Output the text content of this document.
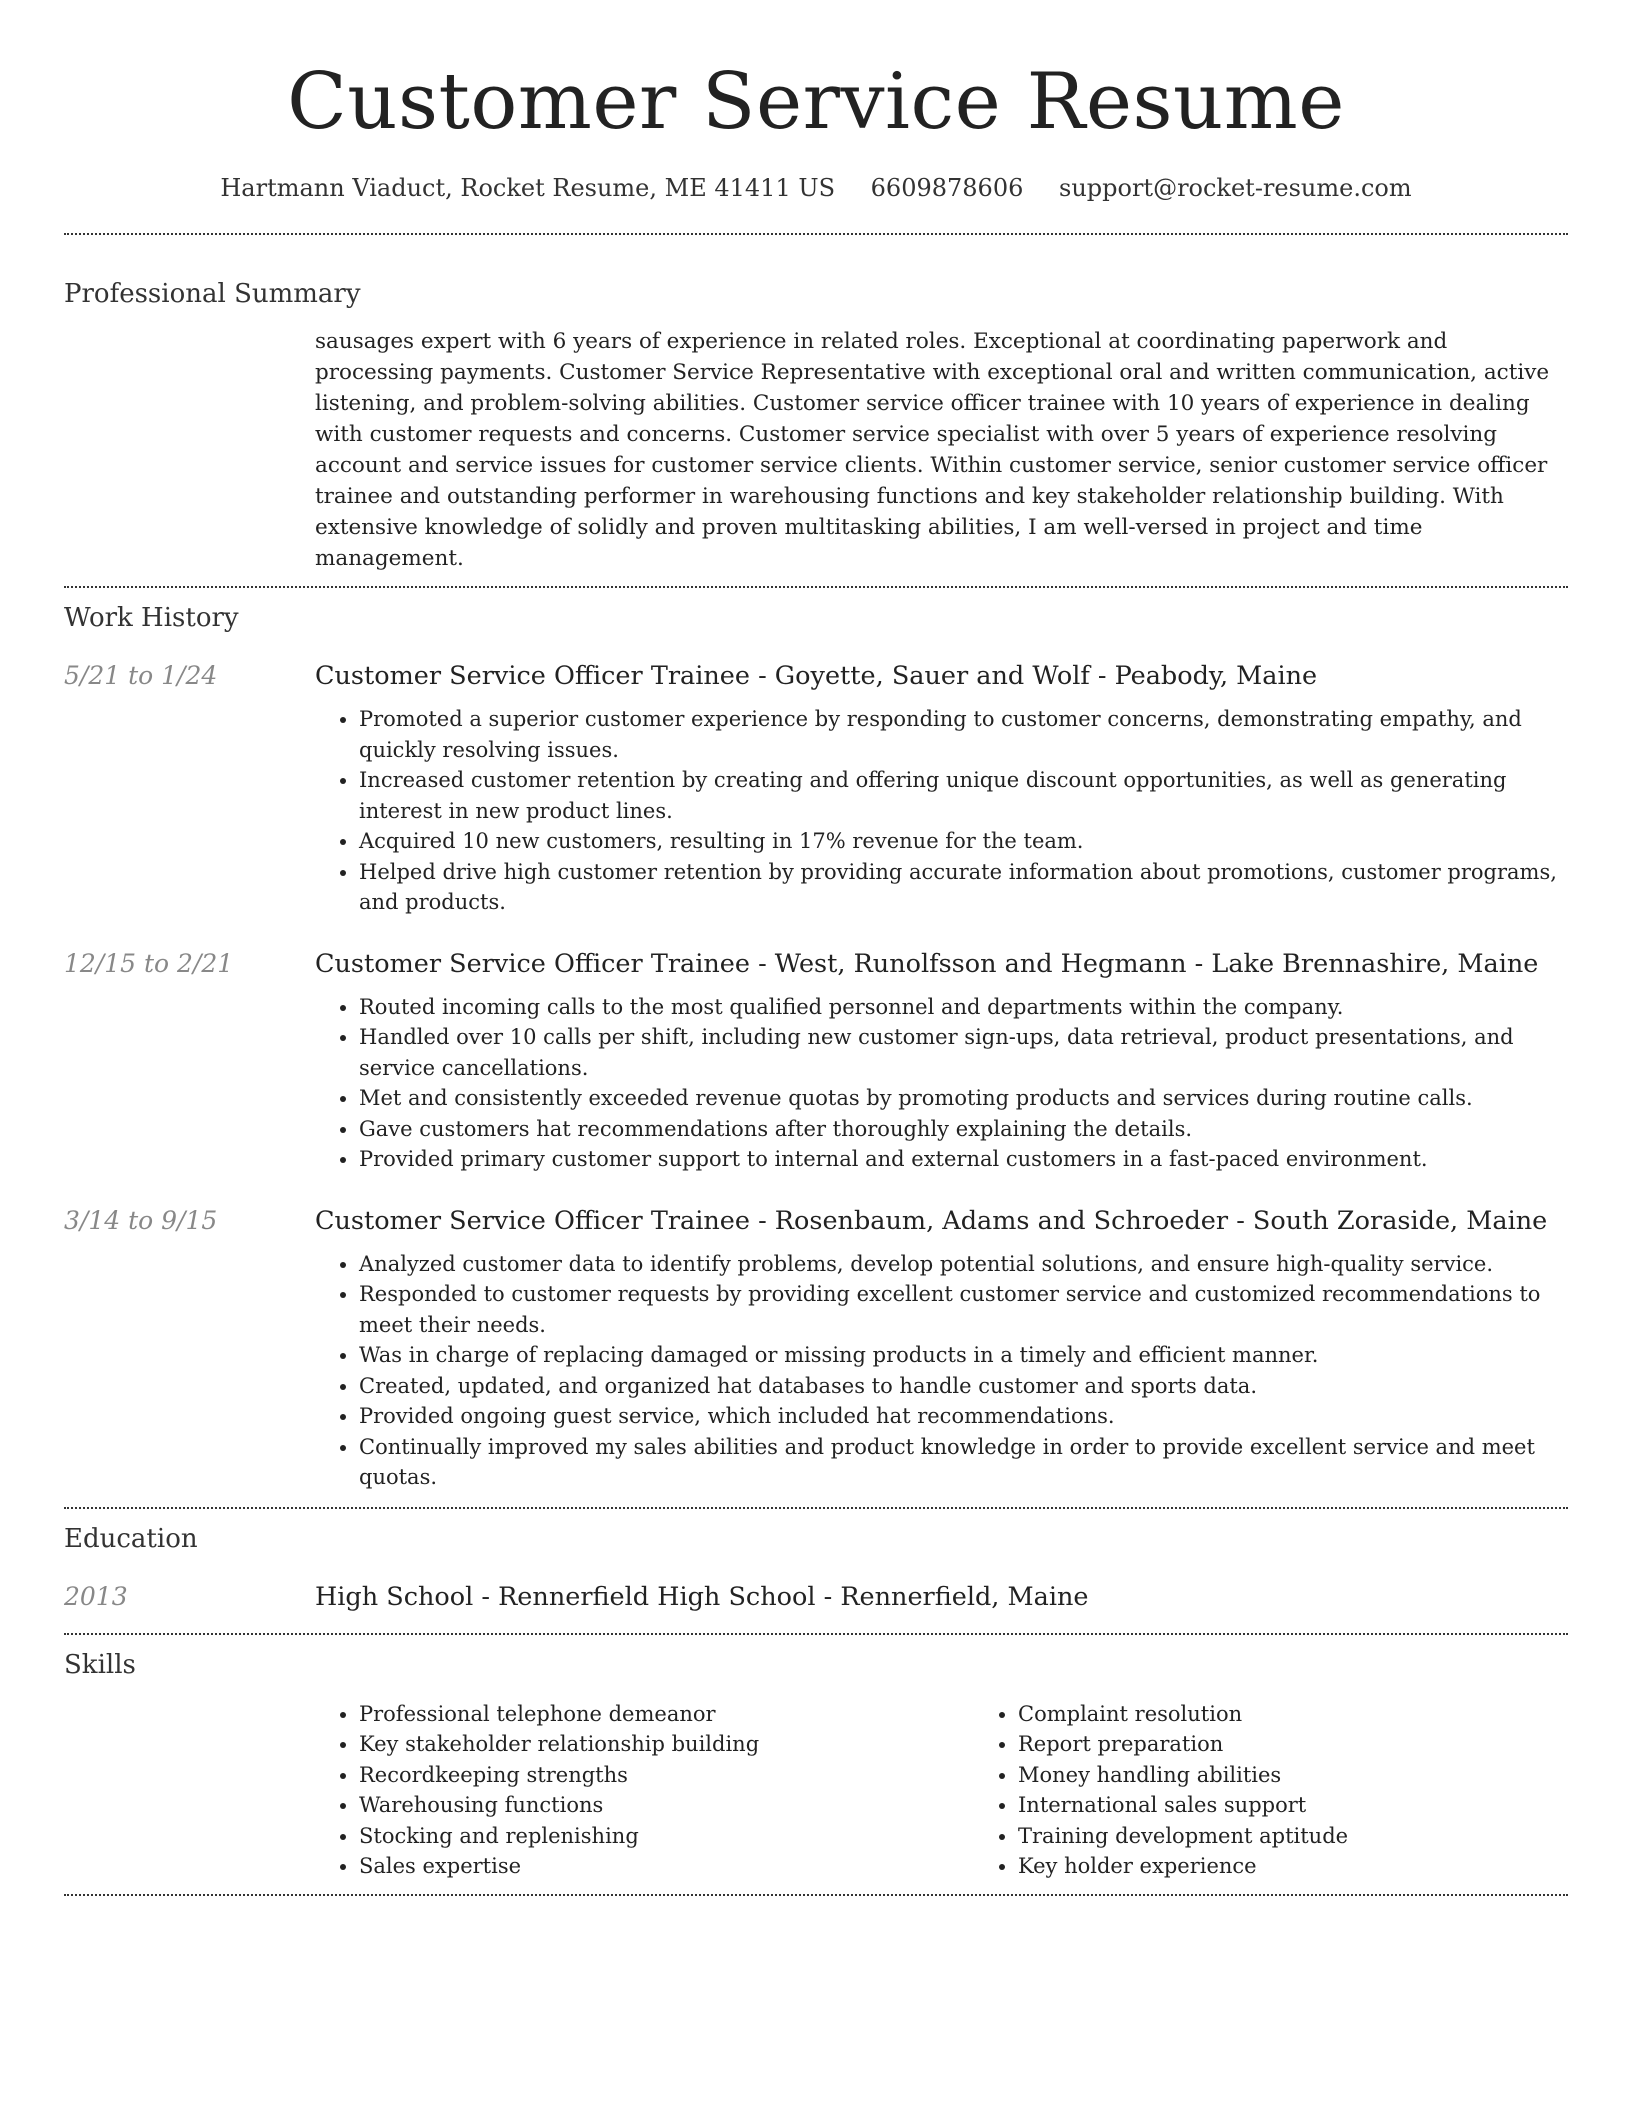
Customer Service Resume
Hartmann Viaduct, Rocket Resume, ME 41411 US 6609878606 support@rocket-resume.com
Professional Summary

sausages expert with 6 years of experience in related roles. Exceptional at coordinating paperwork and processing payments. Customer Service Representative with exceptional oral and written communication, active listening, and problem-solving abilities. Customer service officer trainee with 10 years of experience in dealing with customer requests and concerns. Customer service specialist with over 5 years of experience resolving account and service issues for customer service clients. Within customer service, senior customer service officer trainee and outstanding performer in warehousing functions and key stakeholder relationship building. With extensive knowledge of solidly and proven multitasking abilities, I am well-versed in project and time management.

Work History
5/21 to 1/24	Customer Service Officer Trainee - Goyette, Sauer and Wolf - Peabody, Maine
• Promoted a superior customer experience by responding to customer concerns, demonstrating empathy, and quickly resolving issues.
• Increased customer retention by creating and offering unique discount opportunities, as well as generating interest in new product lines.
• Acquired 10 new customers, resulting in 17% revenue for the team.
• Helped drive high customer retention by providing accurate information about promotions, customer programs, and products.
12/15 to 2/21	Customer Service Officer Trainee - West, Runolfsson and Hegmann - Lake Brennashire, Maine
• Routed incoming calls to the most qualified personnel and departments within the company.
• Handled over 10 calls per shift, including new customer sign-ups, data retrieval, product presentations, and service cancellations.
• Met and consistently exceeded revenue quotas by promoting products and services during routine calls.
• Gave customers hat recommendations after thoroughly explaining the details.
• Provided primary customer support to internal and external customers in a fast-paced environment.
3/14 to 9/15	Customer Service Officer Trainee - Rosenbaum, Adams and Schroeder - South Zoraside, Maine
• Analyzed customer data to identify problems, develop potential solutions, and ensure high-quality service.
• Responded to customer requests by providing excellent customer service and customized recommendations to meet their needs.
• Was in charge of replacing damaged or missing products in a timely and efficient manner.
• Created, updated, and organized hat databases to handle customer and sports data.
• Provided ongoing guest service, which included hat recommendations.
• Continually improved my sales abilities and product knowledge in order to provide excellent service and meet quotas.
Education
2013	High School - Rennerfield High School - Rennerfield, Maine
Skills
• Professional telephone demeanor
• Key stakeholder relationship building
• Recordkeeping strengths
• Warehousing functions
• Stocking and replenishing
• Sales expertise
• Complaint resolution
• Report preparation
• Money handling abilities
• International sales support
• Training development aptitude
• Key holder experience
